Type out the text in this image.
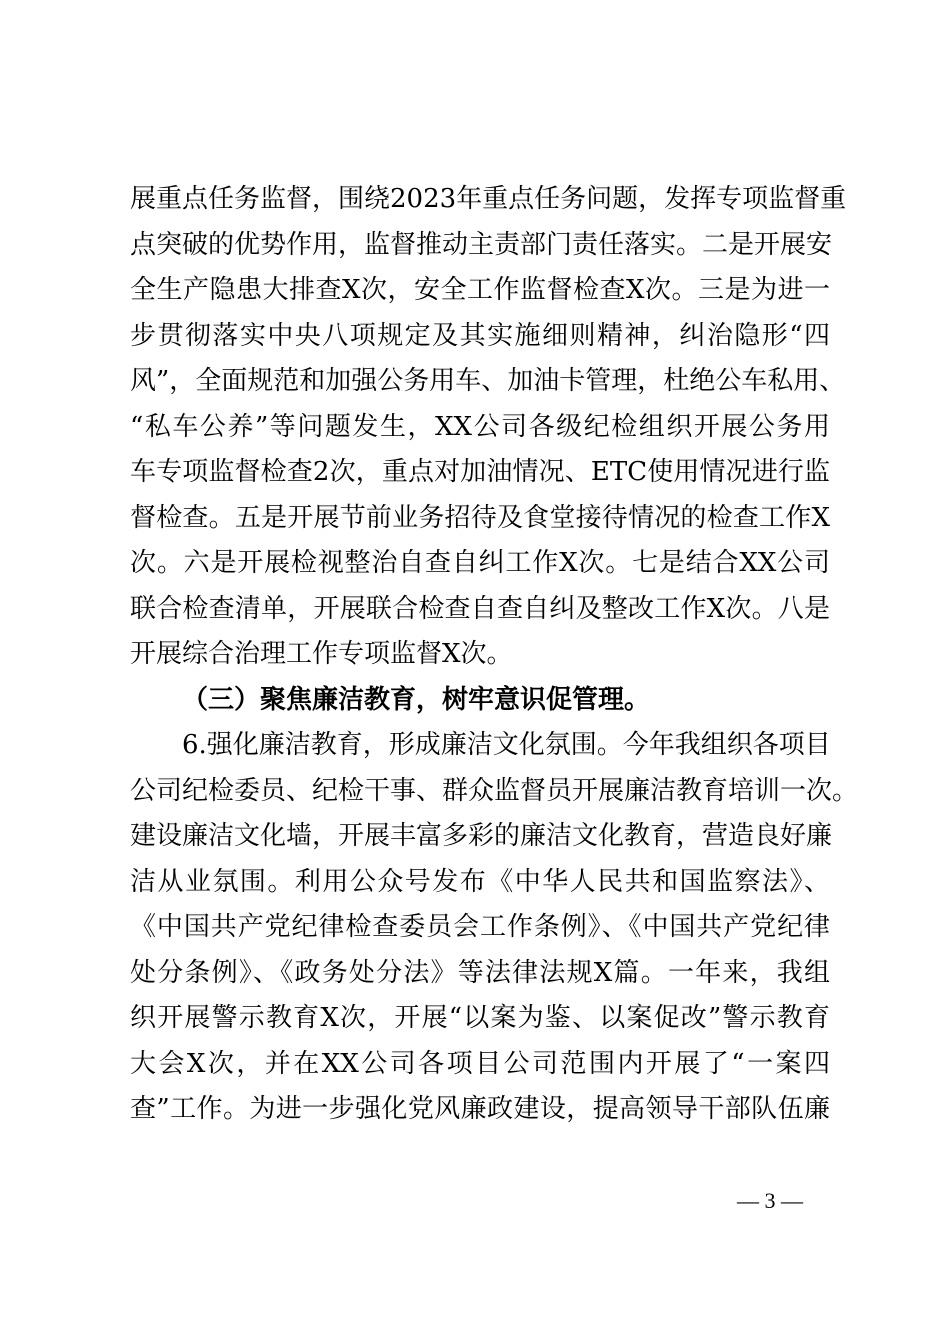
展重点任务监督，围绕2023年重点任务问题，发挥专项监督重
点突破的优势作用，监督推动主责部门责任落实。二是开展安
全生产隐患大排查X次，安全工作监督检查X次。三是为进一
步贯彻落实中央八项规定及其实施细则精神，纠治隐形“四
风”，全面规范和加强公务用车、加油卡管理，杜绝公车私用、
“私车公养”等问题发生，XX公司各级纪检组织开展公务用
车专项监督检查2次，重点对加油情况、ETC使用情况进行监
督检查。五是开展节前业务招待及食堂接待情况的检查工作X
次。六是开展检视整治自查自纠工作X次。七是结合XX公司
联合检查清单，开展联合检查自查自纠及整改工作X次。八是
开展综合治理工作专项监督X次。
（三）聚焦廉洁教育，树牢意识促管理。
6.强化廉洁教育，形成廉洁文化氛围。今年我组织各项目
公司纪检委员、纪检干事、群众监督员开展廉洁教育培训一次。
建设廉洁文化墙，开展丰富多彩的廉洁文化教育，营造良好廉
洁从业氛围。利用公众号发布《中华人民共和国监察法》、
《中国共产党纪律检查委员会工作条例》、《中国共产党纪律
处分条例》、《政务处分法》等法律法规X篇。一年来，我组
织开展警示教育X次，开展“以案为鉴、以案促改”警示教育
大会X次，并在XX公司各项目公司范围内开展了“一案四
查”工作。为进一步强化党风廉政建设，提高领导干部队伍廉
— 3 —
